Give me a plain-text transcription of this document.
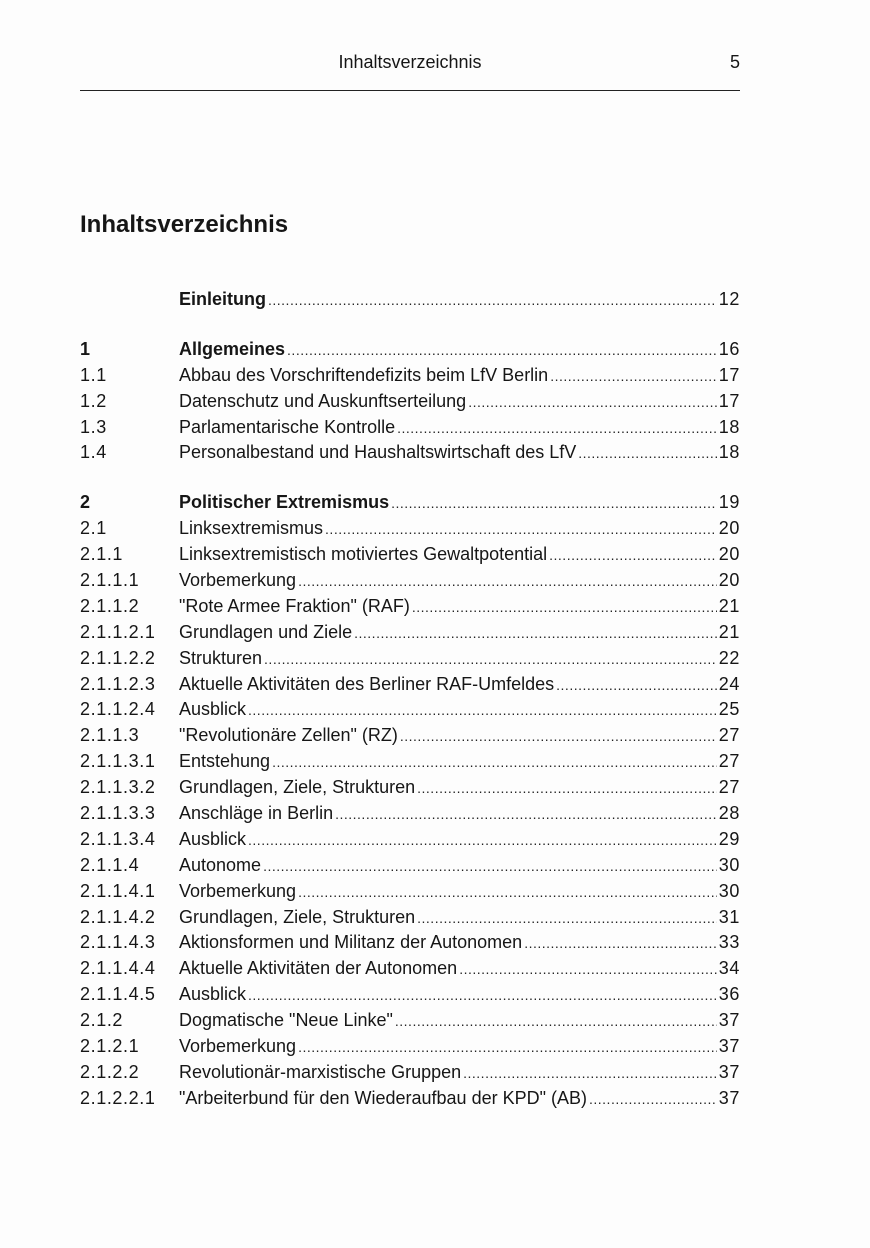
Inhaltsverzeichnis	5
Inhaltsverzeichnis
Einleitung .....	12
1	Allgemeines .....	16
1.1	Abbau des Vorschriftendefizits beim LfV Berlin .....	17
1.2	Datenschutz und Auskunftserteilung .....	17
1.3	Parlamentarische Kontrolle .....	18
1.4	Personalbestand und Haushaltswirtschaft des LfV .....	18
2	Politischer Extremismus .....	19
2.1	Linksextremismus .....	20
2.1.1	Linksextremistisch motiviertes Gewaltpotential .....	20
2.1.1.1 Vorbemerkung .....	20
2.1.1.2 "Rote Armee Fraktion" (RAF) .....	21
2.1.1.2.1 Grundlagen und Ziele .....	21
2.1.1.2.2 Strukturen .....	22
2.1.1.2.3 Aktuelle Aktivitäten des Berliner RAF-Umfeldes .....	24
2.1.1.2.4 Ausblick .....	25
2.1.1.3 "Revolutionäre Zellen" (RZ) .....	27
2.1.1.3.1 Entstehung .....	27
2.1.1.3.2 Grundlagen, Ziele, Strukturen .....	27
2.1.1.3.3 Anschläge in Berlin .....	28
2.1.1.3.4 Ausblick .....	29
2.1.1.4 Autonome .....	30
2.1.1.4.1 Vorbemerkung .....	30
2.1.1.4.2 Grundlagen, Ziele, Strukturen .....	31
2.1.1.4.3 Aktionsformen und Militanz der Autonomen .....	33
2.1.1.4.4 Aktuelle Aktivitäten der Autonomen .....	34
2.1.1.4.5 Ausblick .....	36
2.1.2	Dogmatische "Neue Linke" .....	37
2.1.2.1 Vorbemerkung .....	37
2.1.2.2 Revolutionär-marxistische Gruppen .....	37
2.1.2.2.1 "Arbeiterbund für den Wiederaufbau der KPD" (AB) .....	37
